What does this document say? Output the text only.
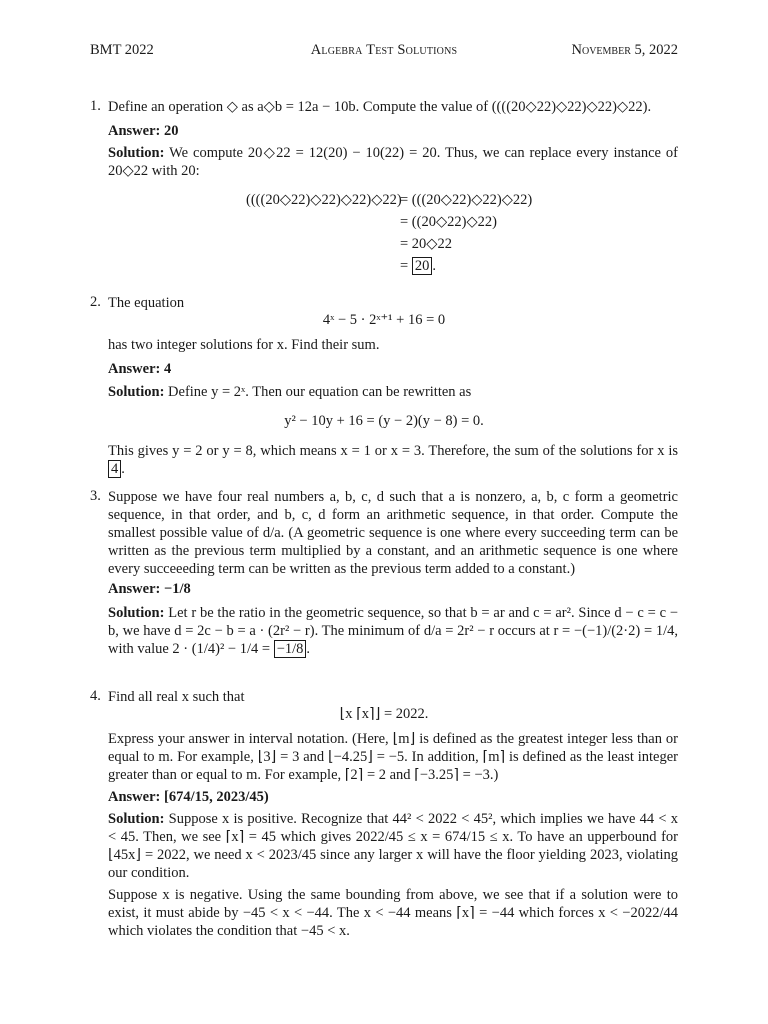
BMT 2022	Algebra Test Solutions	November 5, 2022
1. Define an operation ◇ as a◇b = 12a − 10b. Compute the value of ((((20◇22)◇22)◇22)◇22).
Answer: 20
Solution: We compute 20◇22 = 12(20) − 10(22) = 20. Thus, we can replace every instance of 20◇22 with 20:
((((20◇22)◇22)◇22)◇22)
= (((20◇22)◇22)◇22)
= ((20◇22)◇22)
= 20◇22
= 20 .
2. The equation
4ˣ − 5 · 2ˣ⁺¹ + 16 = 0
has two integer solutions for x. Find their sum.
Answer: 4
Solution: Define y = 2ˣ. Then our equation can be rewritten as
y² − 10y + 16 = (y − 2)(y − 8) = 0.
This gives y = 2 or y = 8, which means x = 1 or x = 3. Therefore, the sum of the solutions for x is 4 .
3. Suppose we have four real numbers a, b, c, d such that a is nonzero, a, b, c form a geometric sequence, in that order, and b, c, d form an arithmetic sequence, in that order. Compute the smallest possible value of d/a. (A geometric sequence is one where every succeeding term can be written as the previous term multiplied by a constant, and an arithmetic sequence is one where every succeeeding term can be written as the previous term added to a constant.)
Answer: −1/8
Solution: Let r be the ratio in the geometric sequence, so that b = ar and c = ar². Since d − c = c − b, we have d = 2c − b = a · (2r² − r). The minimum of d/a = 2r² − r occurs at r = −(−1)/(2·2) = 1/4, with value 2 · (1/4)² − 1/4 = −1/8 .
4. Find all real x such that
⌊x ⌈x⌉⌋ = 2022.
Express your answer in interval notation. (Here, ⌊m⌋ is defined as the greatest integer less than or equal to m. For example, ⌊3⌋ = 3 and ⌊−4.25⌋ = −5. In addition, ⌈m⌉ is defined as the least integer greater than or equal to m. For example, ⌈2⌉ = 2 and ⌈−3.25⌉ = −3.)
Answer: [674/15, 2023/45)
Solution: Suppose x is positive. Recognize that 44² < 2022 < 45², which implies we have 44 < x < 45. Then, we see ⌈x⌉ = 45 which gives 2022/45 ≤ x = 674/15 ≤ x. To have an upperbound for ⌊45x⌋ = 2022, we need x < 2023/45 since any larger x will have the floor yielding 2023, violating our condition.
Suppose x is negative. Using the same bounding from above, we see that if a solution were to exist, it must abide by −45 < x < −44. The x < −44 means ⌈x⌉ = −44 which forces x < −2022/44 which violates the condition that −45 < x.
